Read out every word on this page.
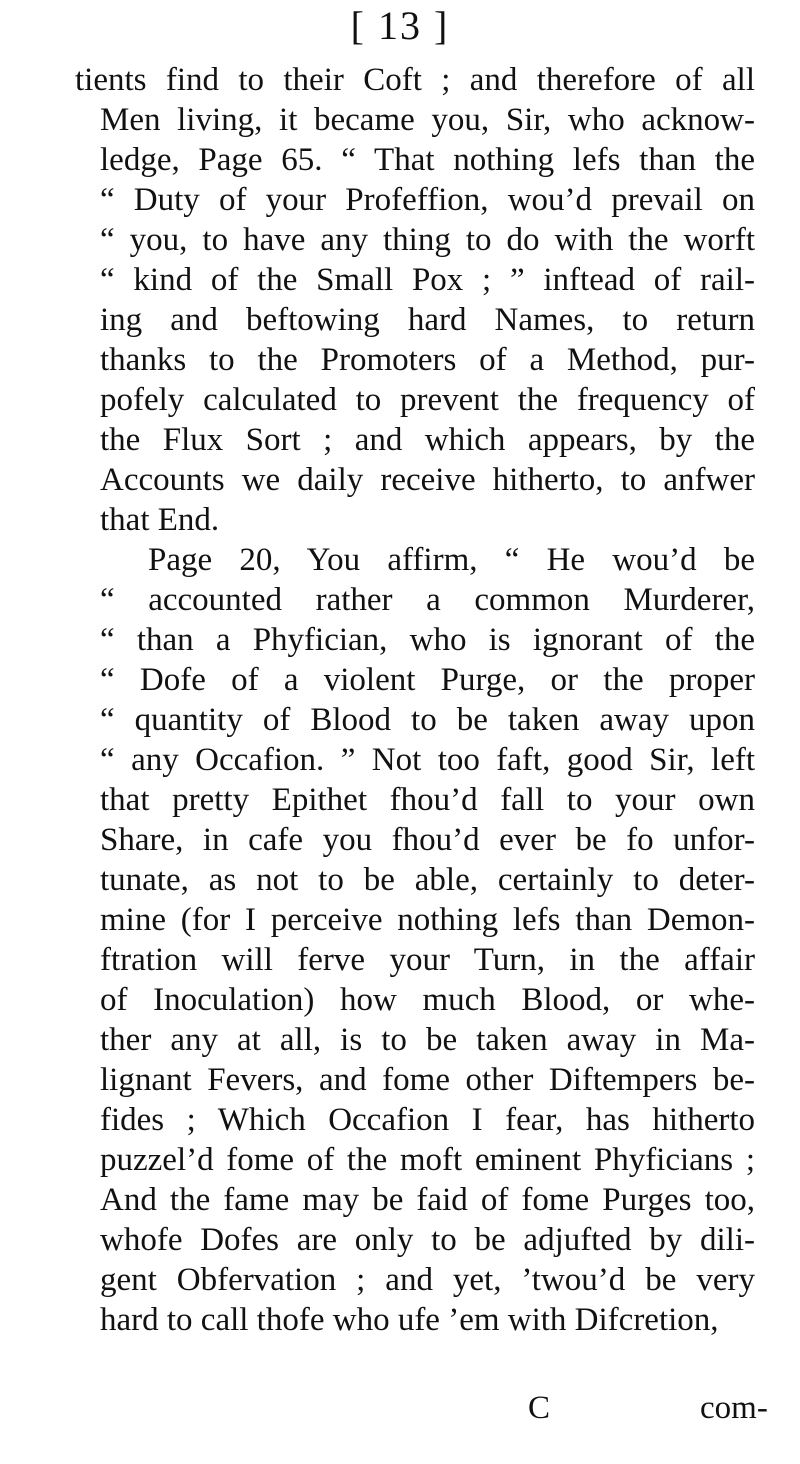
[ 13 ]
tients find to their Coft ; and therefore of all
Men living, it became you, Sir, who acknow-
ledge, Page 65. “ That nothing lefs than the
“ Duty of your Profeffion, wou’d prevail on
“ you, to have any thing to do with the worft
“ kind of the Small Pox ; ” inftead of rail-
ing and beftowing hard Names, to return
thanks to the Promoters of a Method, pur-
pofely calculated to prevent the frequency of
the Flux Sort ; and which appears, by the
Accounts we daily receive hitherto, to anfwer
that End.
Page 20, You affirm, “ He wou’d be
“ accounted rather a common Murderer,
“ than a Phyfician, who is ignorant of the
“ Dofe of a violent Purge, or the proper
“ quantity of Blood to be taken away upon
“ any Occafion. ” Not too faft, good Sir, left
that pretty Epithet fhou’d fall to your own
Share, in cafe you fhou’d ever be fo unfor-
tunate, as not to be able, certainly to deter-
mine (for I perceive nothing lefs than Demon-
ftration will ferve your Turn, in the affair
of Inoculation) how much Blood, or whe-
ther any at all, is to be taken away in Ma-
lignant Fevers, and fome other Diftempers be-
fides ; Which Occafion I fear, has hitherto
puzzel’d fome of the moft eminent Phyficians ;
And the fame may be faid of fome Purges too,
whofe Dofes are only to be adjufted by dili-
gent Obfervation ; and yet, ’twou’d be very
hard to call thofe who ufe ’em with Difcretion,
C	com-
